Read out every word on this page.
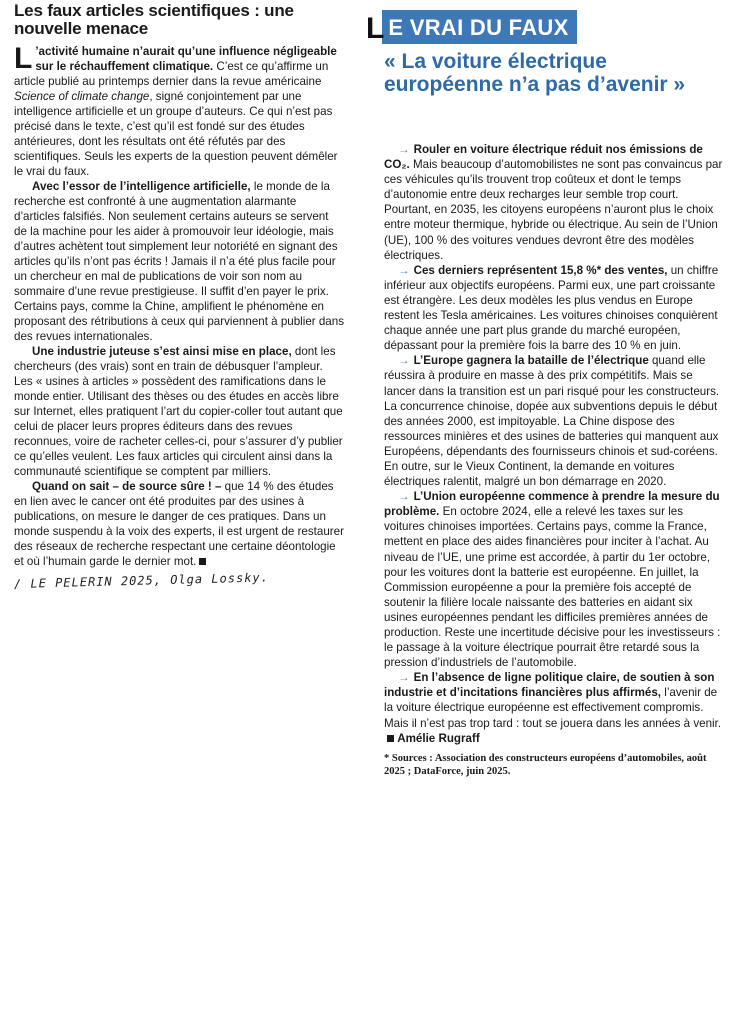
Les faux articles scientifiques : une nouvelle menace
L ’activité humaine n’aurait qu’une influence négligeable sur le réchauffement climatique. C’est ce qu’affirme un article publié au printemps dernier dans la revue américaine Science of climate change, signé conjointement par une intelligence artificielle et un groupe d’auteurs. Ce qui n’est pas précisé dans le texte, c’est qu’il est fondé sur des études antérieures, dont les résultats ont été réfutés par des scientifiques. Seuls les experts de la question peuvent démêler le vrai du faux.

Avec l’essor de l’intelligence artificielle, le monde de la recherche est confronté à une augmentation alarmante d’articles falsifiés. Non seulement certains auteurs se servent de la machine pour les aider à promouvoir leur idéologie, mais d’autres achètent tout simplement leur notoriété en signant des articles qu’ils n’ont pas écrits ! Jamais il n’a été plus facile pour un chercheur en mal de publications de voir son nom au sommaire d’une revue prestigieuse. Il suffit d’en payer le prix. Certains pays, comme la Chine, amplifient le phénomène en proposant des rétributions à ceux qui parviennent à publier dans des revues internationales.

Une industrie juteuse s’est ainsi mise en place, dont les chercheurs (des vrais) sont en train de débusquer l’ampleur. Les « usines à articles » possèdent des ramifications dans le monde entier. Utilisant des thèses ou des études en accès libre sur Internet, elles pratiquent l’art du copier-coller tout autant que celui de placer leurs propres éditeurs dans des revues reconnues, voire de racheter celles-ci, pour s’assurer d’y publier ce qu’elles veulent. Les faux articles qui circulent ainsi dans la communauté scientifique se comptent par milliers.

Quand on sait – de source sûre ! – que 14 % des études en lien avec le cancer ont été produites par des usines à publications, on mesure le danger de ces pratiques. Dans un monde suspendu à la voix des experts, il est urgent de restaurer des réseaux de recherche respectant une certaine déontologie et où l’humain garde le dernier mot.

/ LE PELERIN 2025, Olga Lossky.
L E VRAI DU FAUX
« La voiture électrique européenne n’a pas d’avenir »

→ Rouler en voiture électrique réduit nos émissions de CO₂. Mais beaucoup d’automobilistes ne sont pas convaincus par ces véhicules qu’ils trouvent trop coûteux et dont le temps d’autonomie entre deux recharges leur semble trop court. Pourtant, en 2035, les citoyens européens n’auront plus le choix entre moteur thermique, hybride ou électrique. Au sein de l’Union (UE), 100 % des voitures vendues devront être des modèles électriques.

→ Ces derniers représentent 15,8 %* des ventes, un chiffre inférieur aux objectifs européens. Parmi eux, une part croissante est étrangère. Les deux modèles les plus vendus en Europe restent les Tesla américaines. Les voitures chinoises conquièrent chaque année une part plus grande du marché européen, dépassant pour la première fois la barre des 10 % en juin.

→ L’Europe gagnera la bataille de l’électrique quand elle réussira à produire en masse à des prix compétitifs. Mais se lancer dans la transition est un pari risqué pour les constructeurs. La concurrence chinoise, dopée aux subventions depuis le début des années 2000, est impitoyable. La Chine dispose des ressources minières et des usines de batteries qui manquent aux Européens, dépendants des fournisseurs chinois et sud-coréens. En outre, sur le Vieux Continent, la demande en voitures électriques ralentit, malgré un bon démarrage en 2020.

→ L’Union européenne commence à prendre la mesure du problème. En octobre 2024, elle a relevé les taxes sur les voitures chinoises importées. Certains pays, comme la France, mettent en place des aides financières pour inciter à l’achat. Au niveau de l’UE, une prime est accordée, à partir du 1er octobre, pour les voitures dont la batterie est européenne. En juillet, la Commission européenne a pour la première fois accepté de soutenir la filière locale naissante des batteries en aidant six usines européennes pendant les difficiles premières années de production. Reste une incertitude décisive pour les investisseurs : le passage à la voiture électrique pourrait être retardé sous la pression d’industriels de l’automobile.

→ En l’absence de ligne politique claire, de soutien à son industrie et d’incitations financières plus affirmés, l’avenir de la voiture électrique européenne est effectivement compromis. Mais il n’est pas trop tard : tout se jouera dans les années à venir.  Amélie Rugraff

* Sources : Association des constructeurs européens d’automobiles, août 2025 ; DataForce, juin 2025.
